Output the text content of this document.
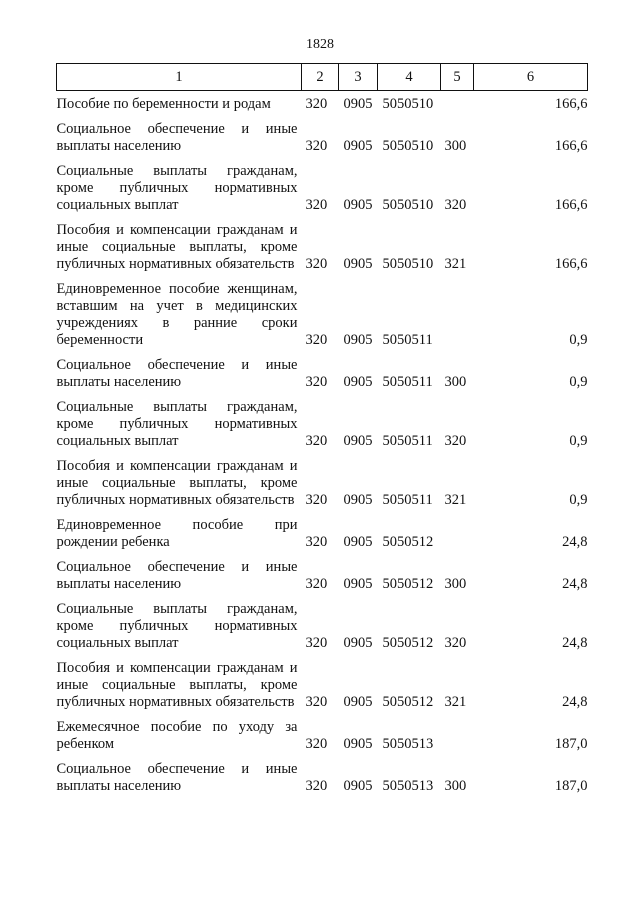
1828
1	2	3	4	5	6
Пособие по беременности и родам	320	0905	5050510		166,6
Социальное обеспечение и иные выплаты населению	320	0905	5050510	300	166,6
Социальные выплаты гражданам, кроме публичных нормативных социальных выплат	320	0905	5050510	320	166,6
Пособия и компенсации гражданам и иные социальные выплаты, кроме публичных нормативных обязательств	320	0905	5050510	321	166,6
Единовременное пособие женщинам, вставшим на учет в медицинских учреждениях в ранние сроки беременности	320	0905	5050511		0,9
Социальное обеспечение и иные выплаты населению	320	0905	5050511	300	0,9
Социальные выплаты гражданам, кроме публичных нормативных социальных выплат	320	0905	5050511	320	0,9
Пособия и компенсации гражданам и иные социальные выплаты, кроме публичных нормативных обязательств	320	0905	5050511	321	0,9
Единовременное пособие при рождении ребенка	320	0905	5050512		24,8
Социальное обеспечение и иные выплаты населению	320	0905	5050512	300	24,8
Социальные выплаты гражданам, кроме публичных нормативных социальных выплат	320	0905	5050512	320	24,8
Пособия и компенсации гражданам и иные социальные выплаты, кроме публичных нормативных обязательств	320	0905	5050512	321	24,8
Ежемесячное пособие по уходу за ребенком	320	0905	5050513		187,0
Социальное обеспечение и иные выплаты населению	320	0905	5050513	300	187,0
